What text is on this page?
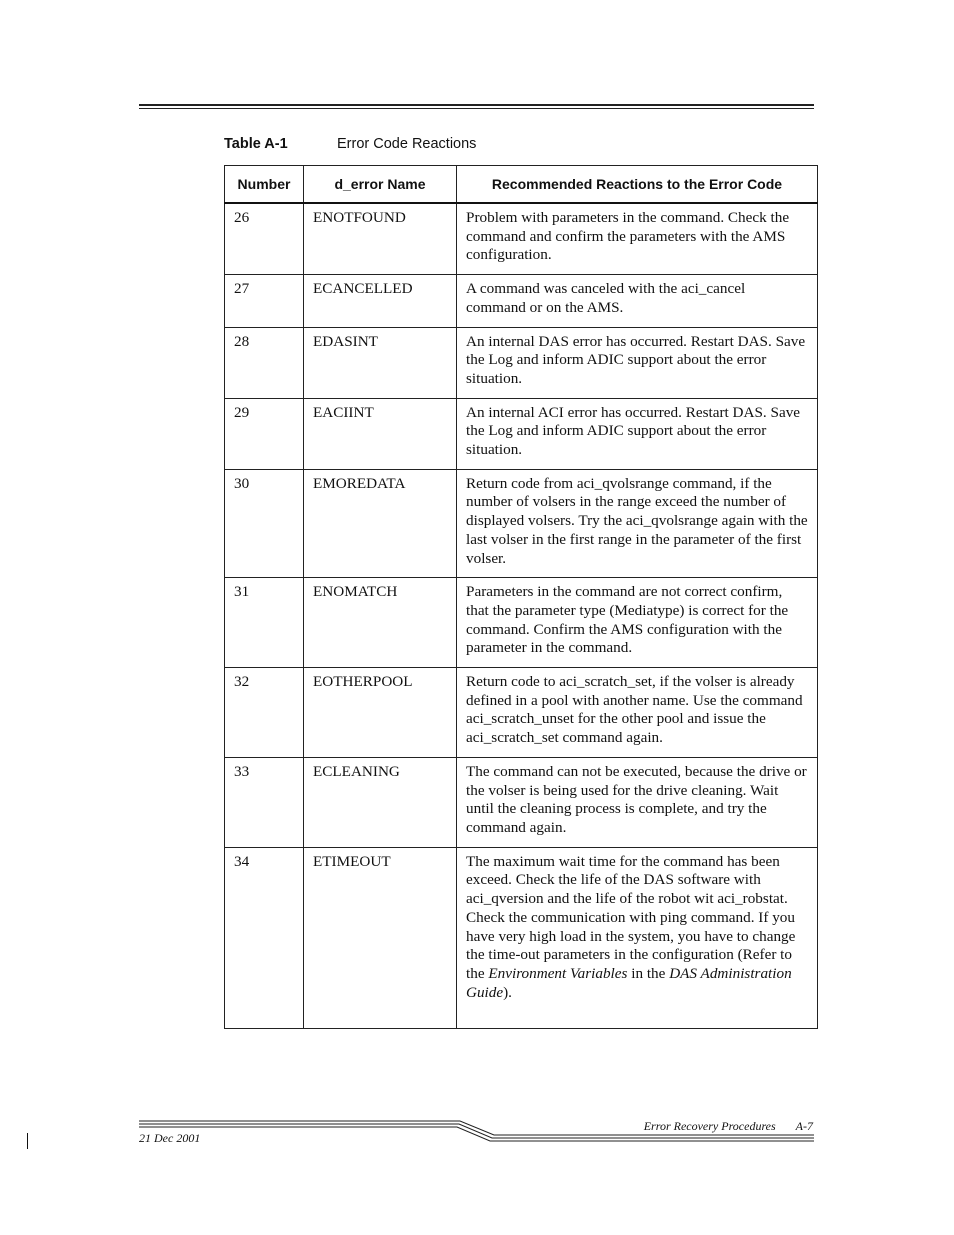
Table A-1	Error Code Reactions
Number	d_error Name	Recommended Reactions to the Error Code
26	ENOTFOUND	Problem with parameters in the command. Check the command and confirm the parameters with the AMS configuration.
27	ECANCELLED	A command was canceled with the aci_cancel command or on the AMS.
28	EDASINT	An internal DAS error has occurred. Restart DAS. Save the Log and inform ADIC support about the error situation.
29	EACIINT	An internal ACI error has occurred. Restart DAS. Save the Log and inform ADIC support about the error situation.
30	EMOREDATA	Return code from aci_qvolsrange command, if the number of volsers in the range exceed the number of displayed volsers. Try the aci_qvolsrange again with the last volser in the first range in the parameter of the first volser.
31	ENOMATCH	Parameters in the command are not correct confirm, that the parameter type (Mediatype) is correct for the command. Confirm the AMS configuration with the parameter in the command.
32	EOTHERPOOL	Return code to aci_scratch_set, if the volser is already defined in a pool with another name. Use the command aci_scratch_unset for the other pool and issue the aci_scratch_set command again.
33	ECLEANING	The command can not be executed, because the drive or the volser is being used for the drive cleaning. Wait until the cleaning process is complete, and try the command again.
34	ETIMEOUT	The maximum wait time for the command has been exceed. Check the life of the DAS software with aci_qversion and the life of the robot wit aci_robstat. Check the communication with ping command. If you have very high load in the system, you have to change the time-out parameters in the configuration (Refer to the Environment Variables in the DAS Administration Guide).
Error Recovery Procedures A-7
21 Dec 2001
